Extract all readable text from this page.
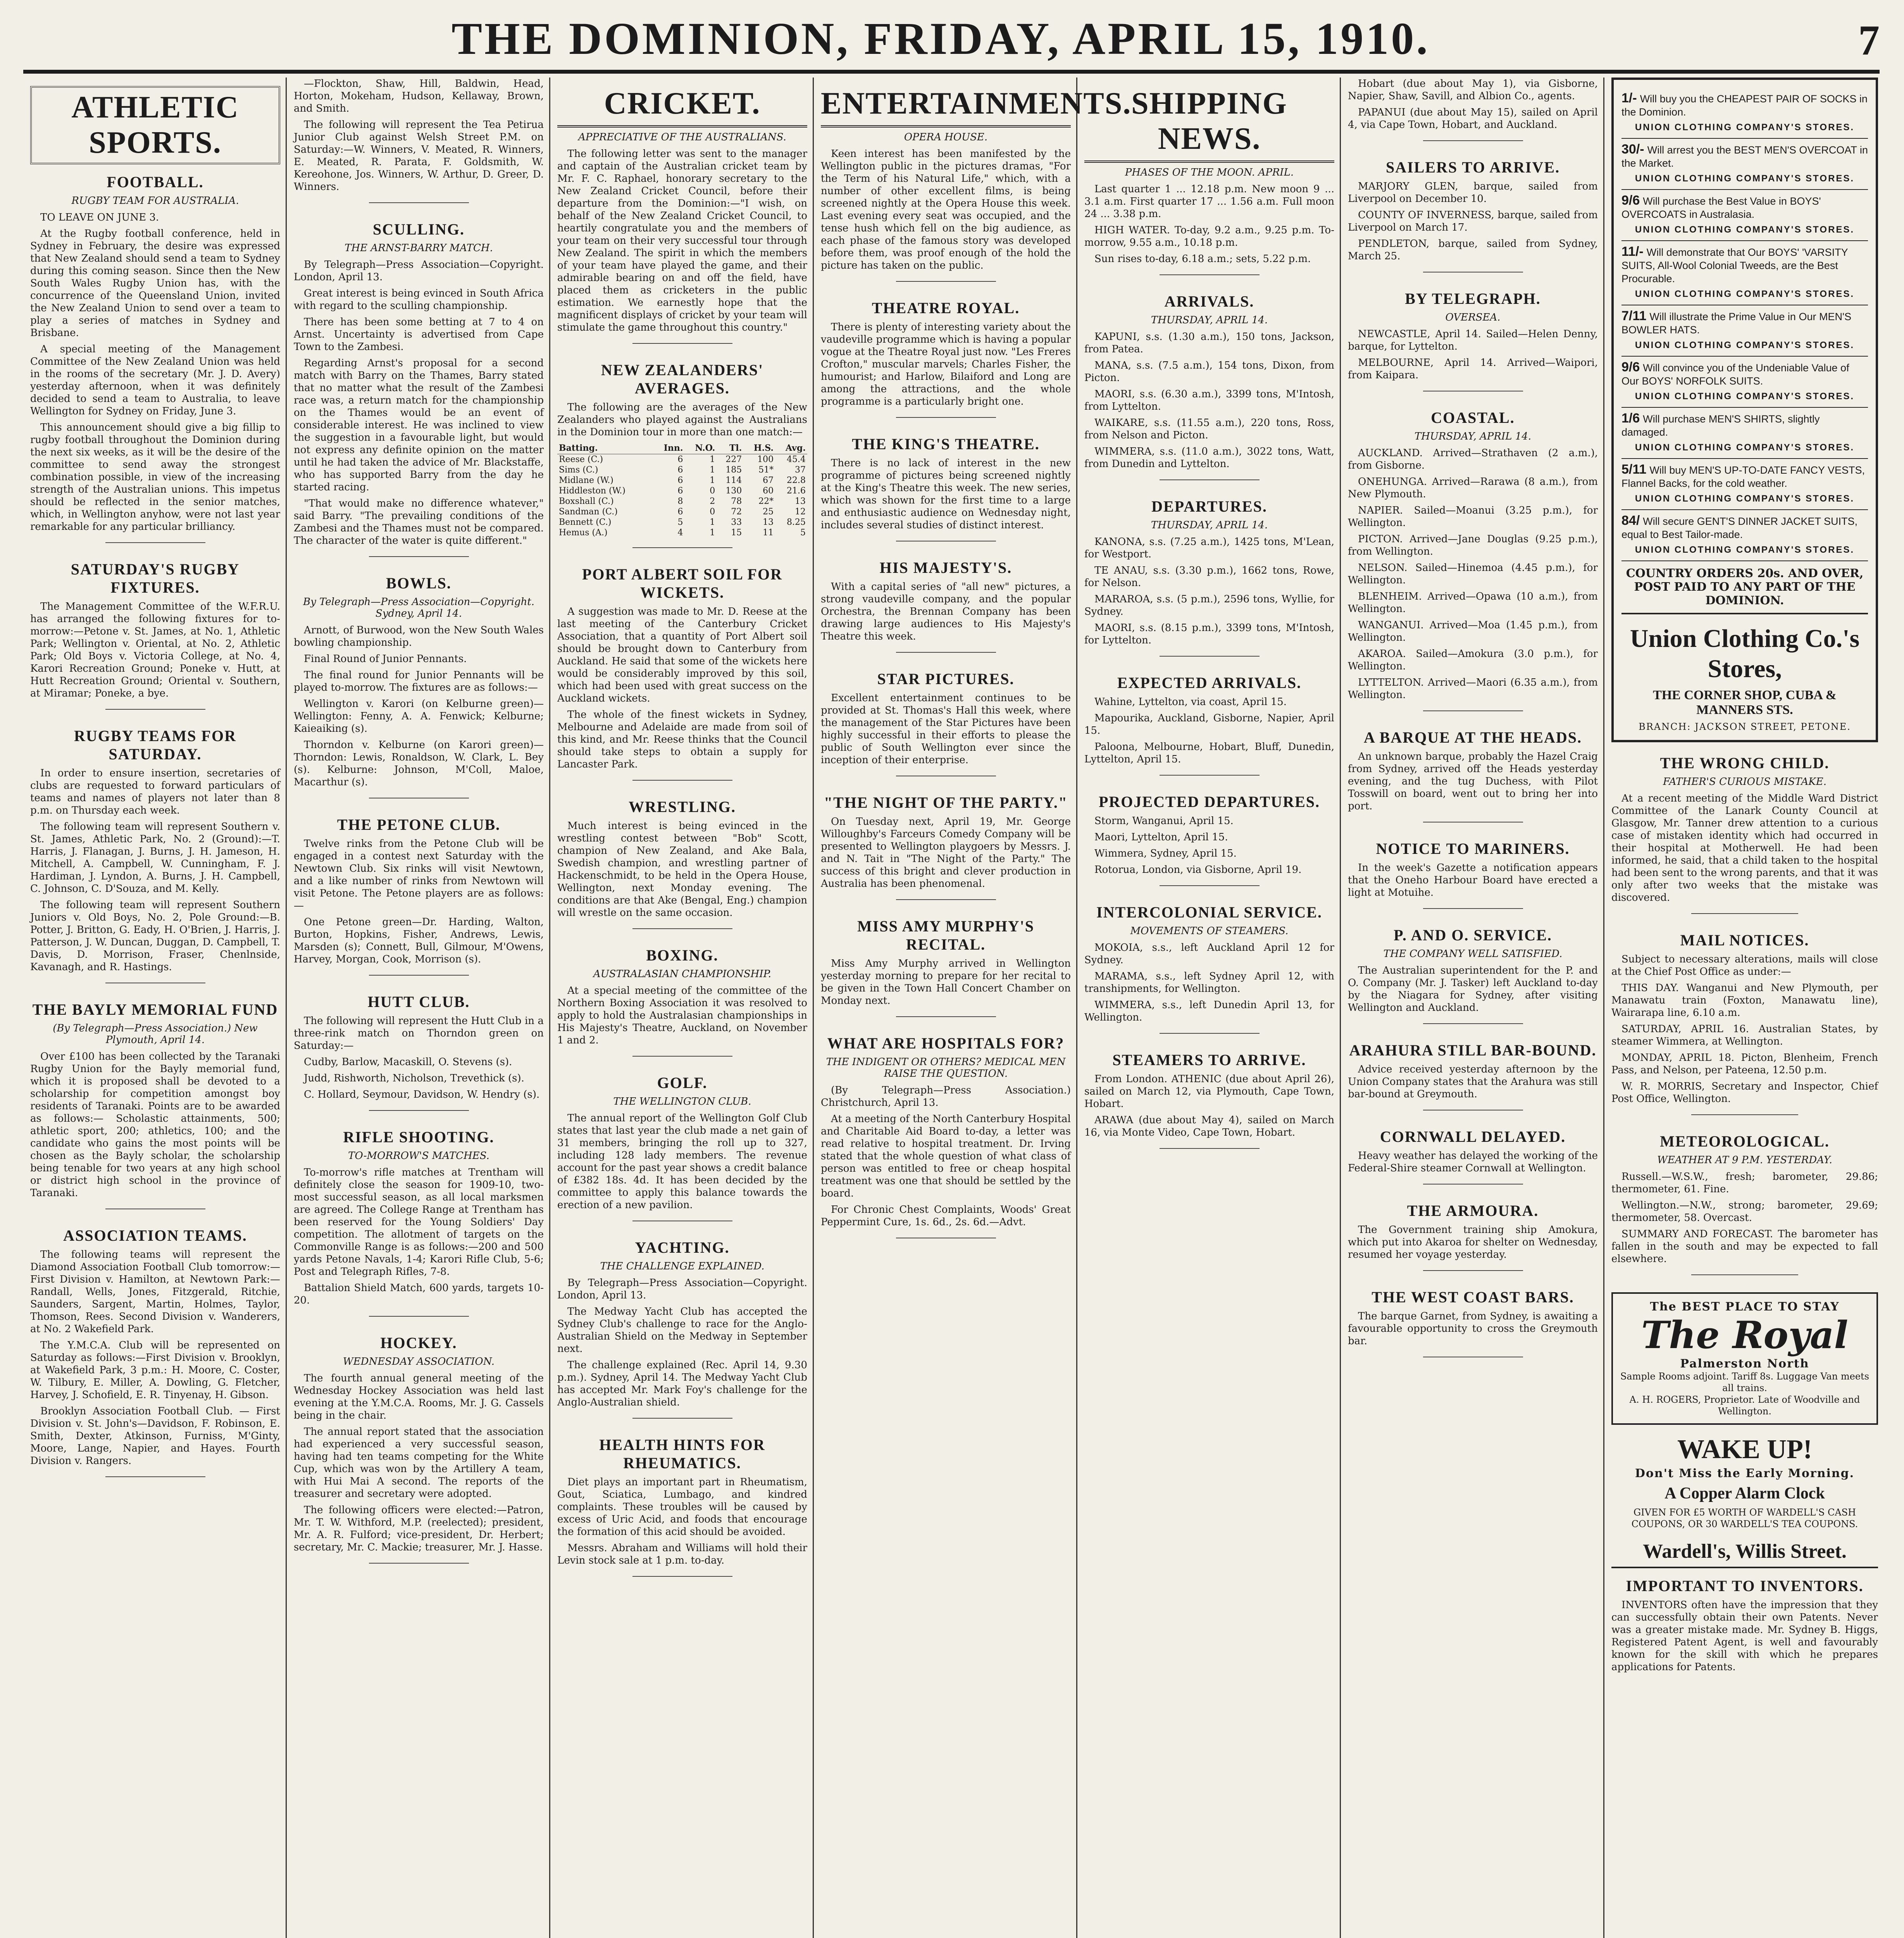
THE DOMINION, FRIDAY, APRIL 15, 1910.	7
ATHLETIC SPORTS.
FOOTBALL.
RUGBY TEAM FOR AUSTRALIA.

TO LEAVE ON JUNE 3.

At the Rugby football conference, held in Sydney in February, the desire was expressed that New Zealand should send a team to Sydney during this coming season. Since then the New South Wales Rugby Union has, with the concurrence of the Queensland Union, invited the New Zealand Union to send over a team to play a series of matches in Sydney and Brisbane.

A special meeting of the Management Committee of the New Zealand Union was held in the rooms of the secretary (Mr. J. D. Avery) yesterday afternoon, when it was definitely decided to send a team to Australia, to leave Wellington for Sydney on Friday, June 3.

This announcement should give a big fillip to rugby football throughout the Dominion during the next six weeks, as it will be the desire of the committee to send away the strongest combination possible, in view of the increasing strength of the Australian unions. This impetus should be reflected in the senior matches, which, in Wellington anyhow, were not last year remarkable for any particular brilliancy.

SATURDAY'S RUGBY FIXTURES.

The Management Committee of the W.F.R.U. has arranged the following fixtures for to-morrow:—Petone v. St. James, at No. 1, Athletic Park; Wellington v. Oriental, at No. 2, Athletic Park; Old Boys v. Victoria College, at No. 4, Karori Recreation Ground; Poneke v. Hutt, at Hutt Recreation Ground; Oriental v. Southern, at Miramar; Poneke, a bye.

RUGBY TEAMS FOR SATURDAY.

In order to ensure insertion, secretaries of clubs are requested to forward particulars of teams and names of players not later than 8 p.m. on Thursday each week.

The following team will represent Southern v. St. James, Athletic Park, No. 2 (Ground):—T. Harris, J. Flanagan, J. Burns, J. H. Jameson, H. Mitchell, A. Campbell, W. Cunningham, F. J. Hardiman, J. Lyndon, A. Burns, J. H. Campbell, C. Johnson, C. D'Souza, and M. Kelly.

The following team will represent Southern Juniors v. Old Boys, No. 2, Pole Ground:—B. Potter, J. Britton, G. Eady, H. O'Brien, J. Harris, J. Patterson, J. W. Duncan, Duggan, D. Campbell, T. Davis, D. Morrison, Fraser, Chenlnside, Kavanagh, and R. Hastings.

THE BAYLY MEMORIAL FUND
(By Telegraph—Press Association.) New Plymouth, April 14.

Over £100 has been collected by the Taranaki Rugby Union for the Bayly memorial fund, which it is proposed shall be devoted to a scholarship for competition amongst boy residents of Taranaki. Points are to be awarded as follows:— Scholastic attainments, 500; athletic sport, 200; athletics, 100; and the candidate who gains the most points will be chosen as the Bayly scholar, the scholarship being tenable for two years at any high school or district high school in the province of Taranaki.

ASSOCIATION TEAMS.

The following teams will represent the Diamond Association Football Club tomorrow:—First Division v. Hamilton, at Newtown Park:—Randall, Wells, Jones, Fitzgerald, Ritchie, Saunders, Sargent, Martin, Holmes, Taylor, Thomson, Rees. Second Division v. Wanderers, at No. 2 Wakefield Park.

The Y.M.C.A. Club will be represented on Saturday as follows:—First Division v. Brooklyn, at Wakefield Park, 3 p.m.: H. Moore, C. Coster, W. Tilbury, E. Miller, A. Dowling, G. Fletcher, Harvey, J. Schofield, E. R. Tinyenay, H. Gibson.

Brooklyn Association Football Club. — First Division v. St. John's—Davidson, F. Robinson, E. Smith, Dexter, Atkinson, Furniss, M'Ginty, Moore, Lange, Napier, and Hayes. Fourth Division v. Rangers.

—Flockton, Shaw, Hill, Baldwin, Head, Horton, Mokeham, Hudson, Kellaway, Brown, and Smith.

The following will represent the Tea Petirua Junior Club against Welsh Street P.M. on Saturday:—W. Winners, V. Meated, R. Winners, E. Meated, R. Parata, F. Goldsmith, W. Kereohone, Jos. Winners, W. Arthur, D. Greer, D. Winners.

SCULLING.
THE ARNST-BARRY MATCH.

By Telegraph—Press Association—Copyright. London, April 13.

Great interest is being evinced in South Africa with regard to the sculling championship.

There has been some betting at 7 to 4 on Arnst. Uncertainty is advertised from Cape Town to the Zambesi.

Regarding Arnst's proposal for a second match with Barry on the Thames, Barry stated that no matter what the result of the Zambesi race was, a return match for the championship on the Thames would be an event of considerable interest. He was inclined to view the suggestion in a favourable light, but would not express any definite opinion on the matter until he had taken the advice of Mr. Blackstaffe, who has supported Barry from the day he started racing.

"That would make no difference whatever," said Barry. "The prevailing conditions of the Zambesi and the Thames must not be compared. The character of the water is quite different."

BOWLS.
By Telegraph—Press Association—Copyright. Sydney, April 14.

Arnott, of Burwood, won the New South Wales bowling championship.

Final Round of Junior Pennants.

The final round for Junior Pennants will be played to-morrow. The fixtures are as follows:—

Wellington v. Karori (on Kelburne green)—Wellington: Fenny, A. A. Fenwick; Kelburne; Kaieaiking (s).

Thorndon v. Kelburne (on Karori green)—Thorndon: Lewis, Ronaldson, W. Clark, L. Bey (s). Kelburne: Johnson, M'Coll, Maloe, Macarthur (s).

THE PETONE CLUB.

Twelve rinks from the Petone Club will be engaged in a contest next Saturday with the Newtown Club. Six rinks will visit Newtown, and a like number of rinks from Newtown will visit Petone. The Petone players are as follows:—

One Petone green—Dr. Harding, Walton, Burton, Hopkins, Fisher, Andrews, Lewis, Marsden (s); Connett, Bull, Gilmour, M'Owens, Harvey, Morgan, Cook, Morrison (s).

HUTT CLUB.

The following will represent the Hutt Club in a three-rink match on Thorndon green on Saturday:—

Cudby, Barlow, Macaskill, O. Stevens (s).

Judd, Rishworth, Nicholson, Trevethick (s).

C. Hollard, Seymour, Davidson, W. Hendry (s).

RIFLE SHOOTING.
TO-MORROW'S MATCHES.

To-morrow's rifle matches at Trentham will definitely close the season for 1909-10, two-most successful season, as all local marksmen are agreed. The College Range at Trentham has been reserved for the Young Soldiers' Day competition. The allotment of targets on the Commonville Range is as follows:—200 and 500 yards Petone Navals, 1-4; Karori Rifle Club, 5-6; Post and Telegraph Rifles, 7-8.

Battalion Shield Match, 600 yards, targets 10-20.

HOCKEY.
WEDNESDAY ASSOCIATION.

The fourth annual general meeting of the Wednesday Hockey Association was held last evening at the Y.M.C.A. Rooms, Mr. J. G. Cassels being in the chair.

The annual report stated that the association had experienced a very successful season, having had ten teams competing for the White Cup, which was won by the Artillery A team, with Hui Mai A second. The reports of the treasurer and secretary were adopted.

The following officers were elected:—Patron, Mr. T. W. Withford, M.P. (reelected); president, Mr. A. R. Fulford; vice-president, Dr. Herbert; secretary, Mr. C. Mackie; treasurer, Mr. J. Hasse.

CRICKET.
APPRECIATIVE OF THE AUSTRALIANS.

The following letter was sent to the manager and captain of the Australian cricket team by Mr. F. C. Raphael, honorary secretary to the New Zealand Cricket Council, before their departure from the Dominion:—"I wish, on behalf of the New Zealand Cricket Council, to heartily congratulate you and the members of your team on their very successful tour through New Zealand. The spirit in which the members of your team have played the game, and their admirable bearing on and off the field, have placed them as cricketers in the public estimation. We earnestly hope that the magnificent displays of cricket by your team will stimulate the game throughout this country."

NEW ZEALANDERS' AVERAGES.

The following are the averages of the New Zealanders who played against the Australians in the Dominion tour in more than one match:—

Batting.	Inn.	N.O.	Tl.	H.S.	Avg.
Reese (C.)	6	1	227	100	45.4
Sims (C.)	6	1	185	51*	37
Midlane (W.)	6	1	114	67	22.8
Hiddleston (W.)	6	0	130	60	21.6
Boxshall (C.)	8	2	78	22*	13
Sandman (C.)	6	0	72	25	12
Bennett (C.)	5	1	33	13	8.25
Hemus (A.)	4	1	15	11	5
PORT ALBERT SOIL FOR WICKETS.

A suggestion was made to Mr. D. Reese at the last meeting of the Canterbury Cricket Association, that a quantity of Port Albert soil should be brought down to Canterbury from Auckland. He said that some of the wickets here would be considerably improved by this soil, which had been used with great success on the Auckland wickets.

The whole of the finest wickets in Sydney, Melbourne and Adelaide are made from soil of this kind, and Mr. Reese thinks that the Council should take steps to obtain a supply for Lancaster Park.

WRESTLING.

Much interest is being evinced in the wrestling contest between "Bob" Scott, champion of New Zealand, and Ake Bala, Swedish champion, and wrestling partner of Hackenschmidt, to be held in the Opera House, Wellington, next Monday evening. The conditions are that Ake (Bengal, Eng.) champion will wrestle on the same occasion.

BOXING.
AUSTRALASIAN CHAMPIONSHIP.

At a special meeting of the committee of the Northern Boxing Association it was resolved to apply to hold the Australasian championships in His Majesty's Theatre, Auckland, on November 1 and 2.

GOLF.
THE WELLINGTON CLUB.

The annual report of the Wellington Golf Club states that last year the club made a net gain of 31 members, bringing the roll up to 327, including 128 lady members. The revenue account for the past year shows a credit balance of £382 18s. 4d. It has been decided by the committee to apply this balance towards the erection of a new pavilion.

YACHTING.
THE CHALLENGE EXPLAINED.

By Telegraph—Press Association—Copyright. London, April 13.

The Medway Yacht Club has accepted the Sydney Club's challenge to race for the Anglo-Australian Shield on the Medway in September next.

The challenge explained (Rec. April 14, 9.30 p.m.). Sydney, April 14. The Medway Yacht Club has accepted Mr. Mark Foy's challenge for the Anglo-Australian shield.

HEALTH HINTS FOR RHEUMATICS.

Diet plays an important part in Rheumatism, Gout, Sciatica, Lumbago, and kindred complaints. These troubles will be caused by excess of Uric Acid, and foods that encourage the formation of this acid should be avoided.

Messrs. Abraham and Williams will hold their Levin stock sale at 1 p.m. to-day.

ENTERTAINMENTS.
OPERA HOUSE.

Keen interest has been manifested by the Wellington public in the pictures dramas, "For the Term of his Natural Life," which, with a number of other excellent films, is being screened nightly at the Opera House this week. Last evening every seat was occupied, and the tense hush which fell on the big audience, as each phase of the famous story was developed before them, was proof enough of the hold the picture has taken on the public.

THEATRE ROYAL.

There is plenty of interesting variety about the vaudeville programme which is having a popular vogue at the Theatre Royal just now. "Les Freres Crofton," muscular marvels; Charles Fisher, the humourist; and Harlow, Bilaiford and Long are among the attractions, and the whole programme is a particularly bright one.

THE KING'S THEATRE.

There is no lack of interest in the new programme of pictures being screened nightly at the King's Theatre this week. The new series, which was shown for the first time to a large and enthusiastic audience on Wednesday night, includes several studies of distinct interest.

HIS MAJESTY'S.

With a capital series of "all new" pictures, a strong vaudeville company, and the popular Orchestra, the Brennan Company has been drawing large audiences to His Majesty's Theatre this week.

STAR PICTURES.

Excellent entertainment continues to be provided at St. Thomas's Hall this week, where the management of the Star Pictures have been highly successful in their efforts to please the public of South Wellington ever since the inception of their enterprise.

"THE NIGHT OF THE PARTY."

On Tuesday next, April 19, Mr. George Willoughby's Farceurs Comedy Company will be presented to Wellington playgoers by Messrs. J. and N. Tait in "The Night of the Party." The success of this bright and clever production in Australia has been phenomenal.

MISS AMY MURPHY'S RECITAL.

Miss Amy Murphy arrived in Wellington yesterday morning to prepare for her recital to be given in the Town Hall Concert Chamber on Monday next.

WHAT ARE HOSPITALS FOR?
THE INDIGENT OR OTHERS? MEDICAL MEN RAISE THE QUESTION.

(By Telegraph—Press Association.) Christchurch, April 13.

At a meeting of the North Canterbury Hospital and Charitable Aid Board to-day, a letter was read relative to hospital treatment. Dr. Irving stated that the whole question of what class of person was entitled to free or cheap hospital treatment was one that should be settled by the board.

For Chronic Chest Complaints, Woods' Great Peppermint Cure, 1s. 6d., 2s. 6d.—Advt.

SHIPPING NEWS.
PHASES OF THE MOON. APRIL.

Last quarter 1 ... 12.18 p.m. New moon 9 ... 3.1 a.m. First quarter 17 ... 1.56 a.m. Full moon 24 ... 3.38 p.m.

HIGH WATER. To-day, 9.2 a.m., 9.25 p.m. To-morrow, 9.55 a.m., 10.18 p.m.

Sun rises to-day, 6.18 a.m.; sets, 5.22 p.m.

ARRIVALS.
THURSDAY, APRIL 14.

KAPUNI, s.s. (1.30 a.m.), 150 tons, Jackson, from Patea.

MANA, s.s. (7.5 a.m.), 154 tons, Dixon, from Picton.

MAORI, s.s. (6.30 a.m.), 3399 tons, M'Intosh, from Lyttelton.

WAIKARE, s.s. (11.55 a.m.), 220 tons, Ross, from Nelson and Picton.

WIMMERA, s.s. (11.0 a.m.), 3022 tons, Watt, from Dunedin and Lyttelton.

DEPARTURES.
THURSDAY, APRIL 14.

KANONA, s.s. (7.25 a.m.), 1425 tons, M'Lean, for Westport.

TE ANAU, s.s. (3.30 p.m.), 1662 tons, Rowe, for Nelson.

MARAROA, s.s. (5 p.m.), 2596 tons, Wyllie, for Sydney.

MAORI, s.s. (8.15 p.m.), 3399 tons, M'Intosh, for Lyttelton.

EXPECTED ARRIVALS.

Wahine, Lyttelton, via coast, April 15.

Mapourika, Auckland, Gisborne, Napier, April 15.

Paloona, Melbourne, Hobart, Bluff, Dunedin, Lyttelton, April 15.

PROJECTED DEPARTURES.

Storm, Wanganui, April 15.

Maori, Lyttelton, April 15.

Wimmera, Sydney, April 15.

Rotorua, London, via Gisborne, April 19.

INTERCOLONIAL SERVICE.
MOVEMENTS OF STEAMERS.

MOKOIA, s.s., left Auckland April 12 for Sydney.

MARAMA, s.s., left Sydney April 12, with transhipments, for Wellington.

WIMMERA, s.s., left Dunedin April 13, for Wellington.

STEAMERS TO ARRIVE.

From London. ATHENIC (due about April 26), sailed on March 12, via Plymouth, Cape Town, Hobart.

ARAWA (due about May 4), sailed on March 16, via Monte Video, Cape Town, Hobart.

Hobart (due about May 1), via Gisborne, Napier, Shaw, Savill, and Albion Co., agents.

PAPANUI (due about May 15), sailed on April 4, via Cape Town, Hobart, and Auckland.

SAILERS TO ARRIVE.

MARJORY GLEN, barque, sailed from Liverpool on December 10.

COUNTY OF INVERNESS, barque, sailed from Liverpool on March 17.

PENDLETON, barque, sailed from Sydney, March 25.

BY TELEGRAPH.
OVERSEA.

NEWCASTLE, April 14. Sailed—Helen Denny, barque, for Lyttelton.

MELBOURNE, April 14. Arrived—Waipori, from Kaipara.

COASTAL.
THURSDAY, APRIL 14.

AUCKLAND. Arrived—Strathaven (2 a.m.), from Gisborne.

ONEHUNGA. Arrived—Rarawa (8 a.m.), from New Plymouth.

NAPIER. Sailed—Moanui (3.25 p.m.), for Wellington.

PICTON. Arrived—Jane Douglas (9.25 p.m.), from Wellington.

NELSON. Sailed—Hinemoa (4.45 p.m.), for Wellington.

BLENHEIM. Arrived—Opawa (10 a.m.), from Wellington.

WANGANUI. Arrived—Moa (1.45 p.m.), from Wellington.

AKAROA. Sailed—Amokura (3.0 p.m.), for Wellington.

LYTTELTON. Arrived—Maori (6.35 a.m.), from Wellington.

A BARQUE AT THE HEADS.

An unknown barque, probably the Hazel Craig from Sydney, arrived off the Heads yesterday evening, and the tug Duchess, with Pilot Tosswill on board, went out to bring her into port.

NOTICE TO MARINERS.

In the week's Gazette a notification appears that the Oneho Harbour Board have erected a light at Motuihe.

P. AND O. SERVICE.
THE COMPANY WELL SATISFIED.

The Australian superintendent for the P. and O. Company (Mr. J. Tasker) left Auckland to-day by the Niagara for Sydney, after visiting Wellington and Auckland.

ARAHURA STILL BAR-BOUND.

Advice received yesterday afternoon by the Union Company states that the Arahura was still bar-bound at Greymouth.

CORNWALL DELAYED.

Heavy weather has delayed the working of the Federal-Shire steamer Cornwall at Wellington.

THE ARMOURA.

The Government training ship Amokura, which put into Akaroa for shelter on Wednesday, resumed her voyage yesterday.

THE WEST COAST BARS.

The barque Garnet, from Sydney, is awaiting a favourable opportunity to cross the Greymouth bar.

1/- Will buy you the CHEAPEST PAIR OF SOCKS in the Dominion.
UNION CLOTHING COMPANY'S STORES.
30/- Will arrest you the BEST MEN'S OVERCOAT in the Market.
UNION CLOTHING COMPANY'S STORES.
9/6 Will purchase the Best Value in BOYS' OVERCOATS in Australasia.
UNION CLOTHING COMPANY'S STORES.
11/- Will demonstrate that Our BOYS' 'VARSITY SUITS, All-Wool Colonial Tweeds, are the Best Procurable.
UNION CLOTHING COMPANY'S STORES.
7/11 Will illustrate the Prime Value in Our MEN'S BOWLER HATS.
UNION CLOTHING COMPANY'S STORES.
9/6 Will convince you of the Undeniable Value of Our BOYS' NORFOLK SUITS.
UNION CLOTHING COMPANY'S STORES.
1/6 Will purchase MEN'S SHIRTS, slightly damaged.
UNION CLOTHING COMPANY'S STORES.
5/11 Will buy MEN'S UP-TO-DATE FANCY VESTS, Flannel Backs, for the cold weather.
UNION CLOTHING COMPANY'S STORES.
84/ Will secure GENT'S DINNER JACKET SUITS, equal to Best Tailor-made.
UNION CLOTHING COMPANY'S STORES.
COUNTRY ORDERS 20s. AND OVER, POST PAID TO ANY PART OF THE DOMINION.
Union Clothing Co.'s Stores,
THE CORNER SHOP, CUBA & MANNERS STS.
BRANCH: JACKSON STREET, PETONE.
THE WRONG CHILD.
FATHER'S CURIOUS MISTAKE.

At a recent meeting of the Middle Ward District Committee of the Lanark County Council at Glasgow, Mr. Tanner drew attention to a curious case of mistaken identity which had occurred in their hospital at Motherwell. He had been informed, he said, that a child taken to the hospital had been sent to the wrong parents, and that it was only after two weeks that the mistake was discovered.

MAIL NOTICES.

Subject to necessary alterations, mails will close at the Chief Post Office as under:—

THIS DAY. Wanganui and New Plymouth, per Manawatu train (Foxton, Manawatu line), Wairarapa line, 6.10 a.m.

SATURDAY, APRIL 16. Australian States, by steamer Wimmera, at Wellington.

MONDAY, APRIL 18. Picton, Blenheim, French Pass, and Nelson, per Pateena, 12.50 p.m.

W. R. MORRIS, Secretary and Inspector, Chief Post Office, Wellington.

METEOROLOGICAL.
WEATHER AT 9 P.M. YESTERDAY.

Russell.—W.S.W., fresh; barometer, 29.86; thermometer, 61. Fine.

Wellington.—N.W., strong; barometer, 29.69; thermometer, 58. Overcast.

SUMMARY AND FORECAST. The barometer has fallen in the south and may be expected to fall elsewhere.

The BEST PLACE TO STAY
The Royal
Palmerston North
Sample Rooms adjoint. Tariff 8s. Luggage Van meets all trains.
A. H. ROGERS, Proprietor. Late of Woodville and Wellington.
WAKE UP!
Don't Miss the Early Morning.
A Copper Alarm Clock
GIVEN FOR £5 WORTH OF WARDELL'S CASH COUPONS, OR 30 WARDELL'S TEA COUPONS.
Wardell's, Willis Street.
IMPORTANT TO INVENTORS.

INVENTORS often have the impression that they can successfully obtain their own Patents. Never was a greater mistake made. Mr. Sydney B. Higgs, Registered Patent Agent, is well and favourably known for the skill with which he prepares applications for Patents.
